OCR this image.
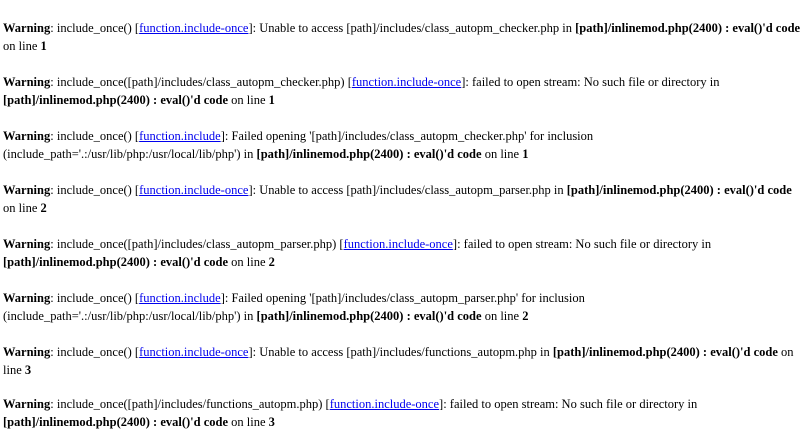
Warning: include_once() [function.include-once]: Unable to access [path]/includes/class_autopm_checker.php in [path]/inlinemod.php(2400) : eval()'d code on line 1

Warning: include_once([path]/includes/class_autopm_checker.php) [function.include-once]: failed to open stream: No such file or directory in
[path]/inlinemod.php(2400) : eval()'d code on line 1

Warning: include_once() [function.include]: Failed opening '[path]/includes/class_autopm_checker.php' for inclusion (include_path='.:/usr/lib/php:/usr/local/lib/php') in [path]/inlinemod.php(2400) : eval()'d code on line 1

Warning: include_once() [function.include-once]: Unable to access [path]/includes/class_autopm_parser.php in [path]/inlinemod.php(2400) : eval()'d code on line 2

Warning: include_once([path]/includes/class_autopm_parser.php) [function.include-once]: failed to open stream: No such file or directory in
[path]/inlinemod.php(2400) : eval()'d code on line 2

Warning: include_once() [function.include]: Failed opening '[path]/includes/class_autopm_parser.php' for inclusion (include_path='.:/usr/lib/php:/usr/local/lib/php') in [path]/inlinemod.php(2400) : eval()'d code on line 2

Warning: include_once() [function.include-once]: Unable to access [path]/includes/functions_autopm.php in [path]/inlinemod.php(2400) : eval()'d code on line 3

Warning: include_once([path]/includes/functions_autopm.php) [function.include-once]: failed to open stream: No such file or directory in [path]/inlinemod.php(2400) : eval()'d code on line 3
